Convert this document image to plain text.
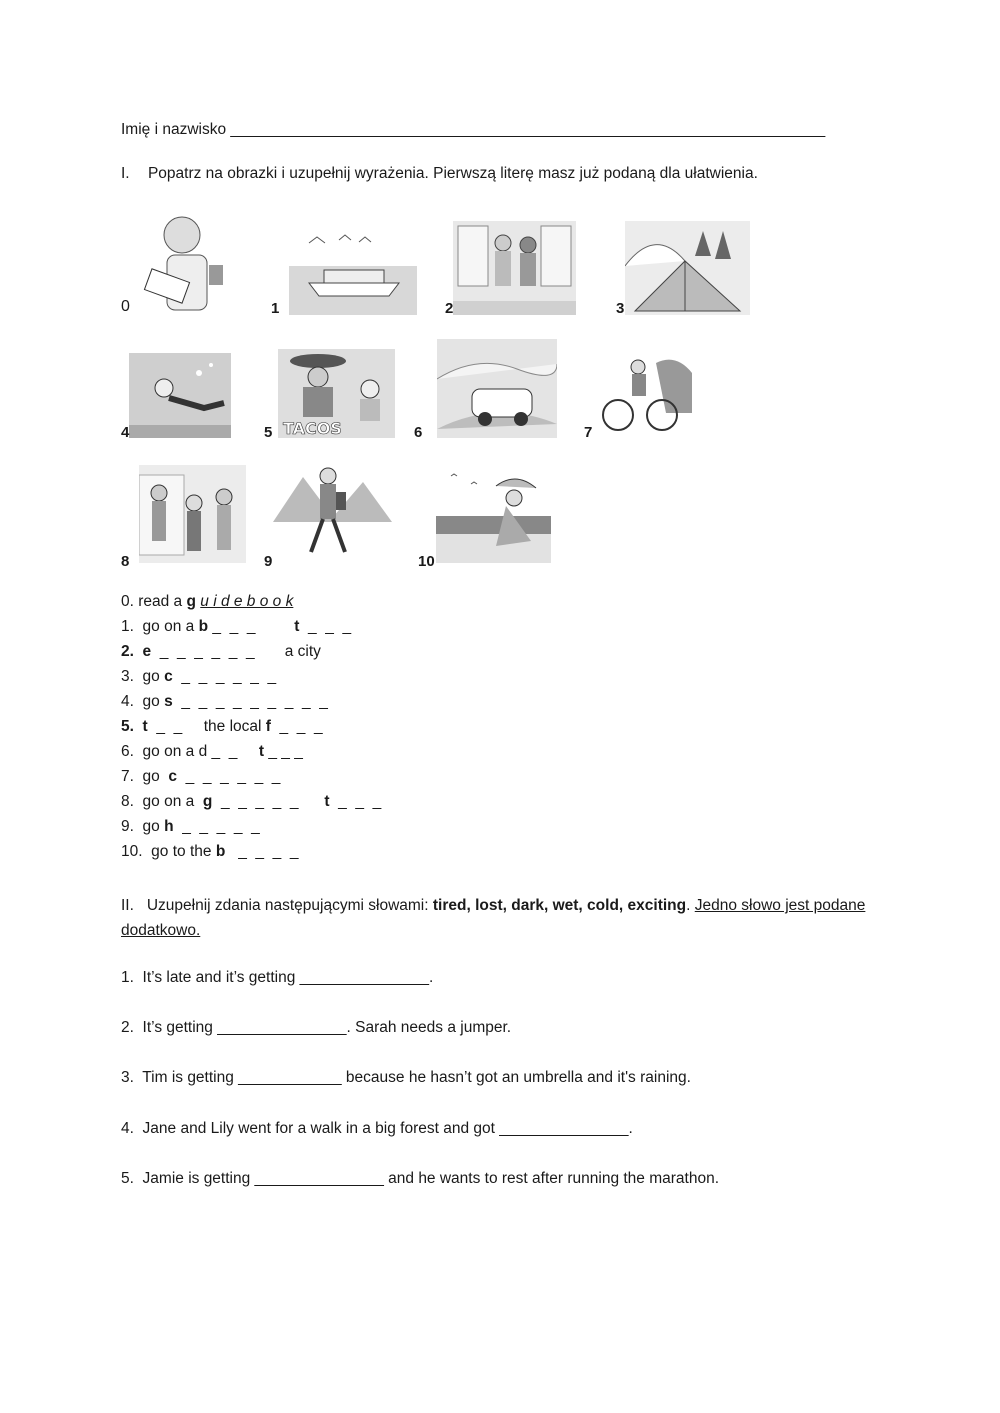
Imię i nazwisko _____________________________________________________________________
I. Popatrz na obrazki i uzupełnij wyrażenia. Pierwszą literę masz już podaną dla ułatwienia.
0	1	2	3
4	TACOS
5	6	7
8	9	10
0. read a g u i d e b o o k
1.  go on a b _  _  _         t  _  _  _
2.  e  _  _  _  _  _  _       a city
3.  go c  _  _  _  _  _  _
4.  go s  _  _  _  _  _  _  _  _  _
5.  t  _  _     the local f  _  _  _
6.  go on a d _  _     t _ _ _
7.  go  c  _  _  _  _  _  _
8.  go on a  g  _  _  _  _  _      t  _  _  _
9.  go h  _  _  _  _  _
10.  go to the b   _  _  _  _
II. Uzupełnij zdania następującymi słowami: tired, lost, dark, wet, cold, exciting. Jedno słowo jest podane dodatkowo.
1.  It’s late and it’s getting _______________.
2.  It’s getting _______________. Sarah needs a jumper.
3.  Tim is getting ____________ because he hasn’t got an umbrella and it's raining.
4.  Jane and Lily went for a walk in a big forest and got _______________.
5.  Jamie is getting _______________ and he wants to rest after running the marathon.
